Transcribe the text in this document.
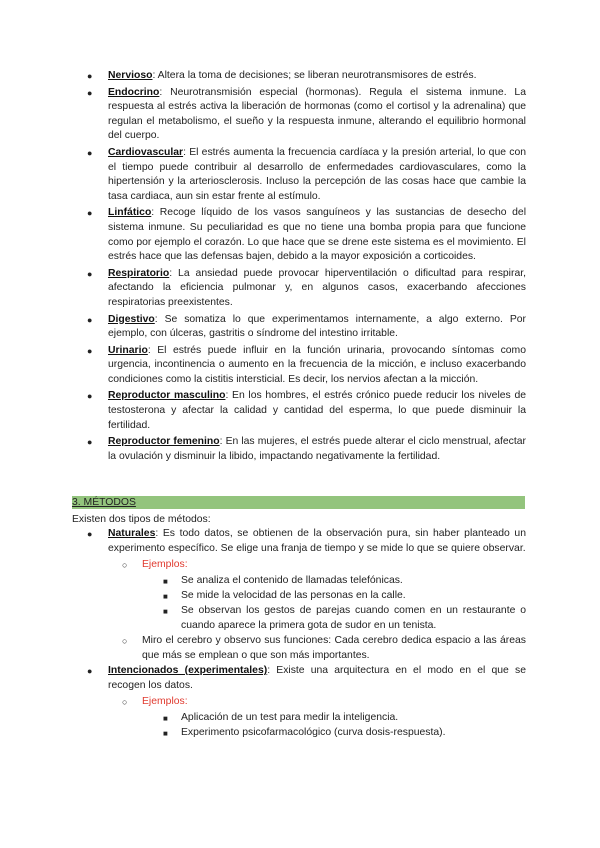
● Nervioso: Altera la toma de decisiones; se liberan neurotransmisores de estrés.
● Endocrino: Neurotransmisión especial (hormonas). Regula el sistema inmune. La respuesta al estrés activa la liberación de hormonas (como el cortisol y la adrenalina) que regulan el metabolismo, el sueño y la respuesta inmune, alterando el equilibrio hormonal del cuerpo.
● Cardiovascular: El estrés aumenta la frecuencia cardíaca y la presión arterial, lo que con el tiempo puede contribuir al desarrollo de enfermedades cardiovasculares, como la hipertensión y la arteriosclerosis. Incluso la percepción de las cosas hace que cambie la tasa cardiaca, aun sin estar frente al estímulo.
● Linfático: Recoge líquido de los vasos sanguíneos y las sustancias de desecho del sistema inmune. Su peculiaridad es que no tiene una bomba propia para que funcione como por ejemplo el corazón. Lo que hace que se drene este sistema es el movimiento. El estrés hace que las defensas bajen, debido a la mayor exposición a corticoides.
● Respiratorio: La ansiedad puede provocar hiperventilación o dificultad para respirar, afectando la eficiencia pulmonar y, en algunos casos, exacerbando afecciones respiratorias preexistentes.
● Digestivo: Se somatiza lo que experimentamos internamente, a algo externo. Por ejemplo, con úlceras, gastritis o síndrome del intestino irritable.
● Urinario: El estrés puede influir en la función urinaria, provocando síntomas como urgencia, incontinencia o aumento en la frecuencia de la micción, e incluso exacerbando condiciones como la cistitis intersticial. Es decir, los nervios afectan a la micción.
● Reproductor masculino: En los hombres, el estrés crónico puede reducir los niveles de testosterona y afectar la calidad y cantidad del esperma, lo que puede disminuir la fertilidad.
● Reproductor femenino: En las mujeres, el estrés puede alterar el ciclo menstrual, afectar la ovulación y disminuir la libido, impactando negativamente la fertilidad.
3. MÉTODOS
Existen dos tipos de métodos:
● Naturales: Es todo datos, se obtienen de la observación pura, sin haber planteado un experimento específico. Se elige una franja de tiempo y se mide lo que se quiere observar.
○ Ejemplos:
■ Se analiza el contenido de llamadas telefónicas.
■ Se mide la velocidad de las personas en la calle.
■ Se observan los gestos de parejas cuando comen en un restaurante o cuando aparece la primera gota de sudor en un tenista.
○ Miro el cerebro y observo sus funciones: Cada cerebro dedica espacio a las áreas que más se emplean o que son más importantes.
● Intencionados (experimentales): Existe una arquitectura en el modo en el que se recogen los datos.
○ Ejemplos:
■ Aplicación de un test para medir la inteligencia.
■ Experimento psicofarmacológico (curva dosis-respuesta).
